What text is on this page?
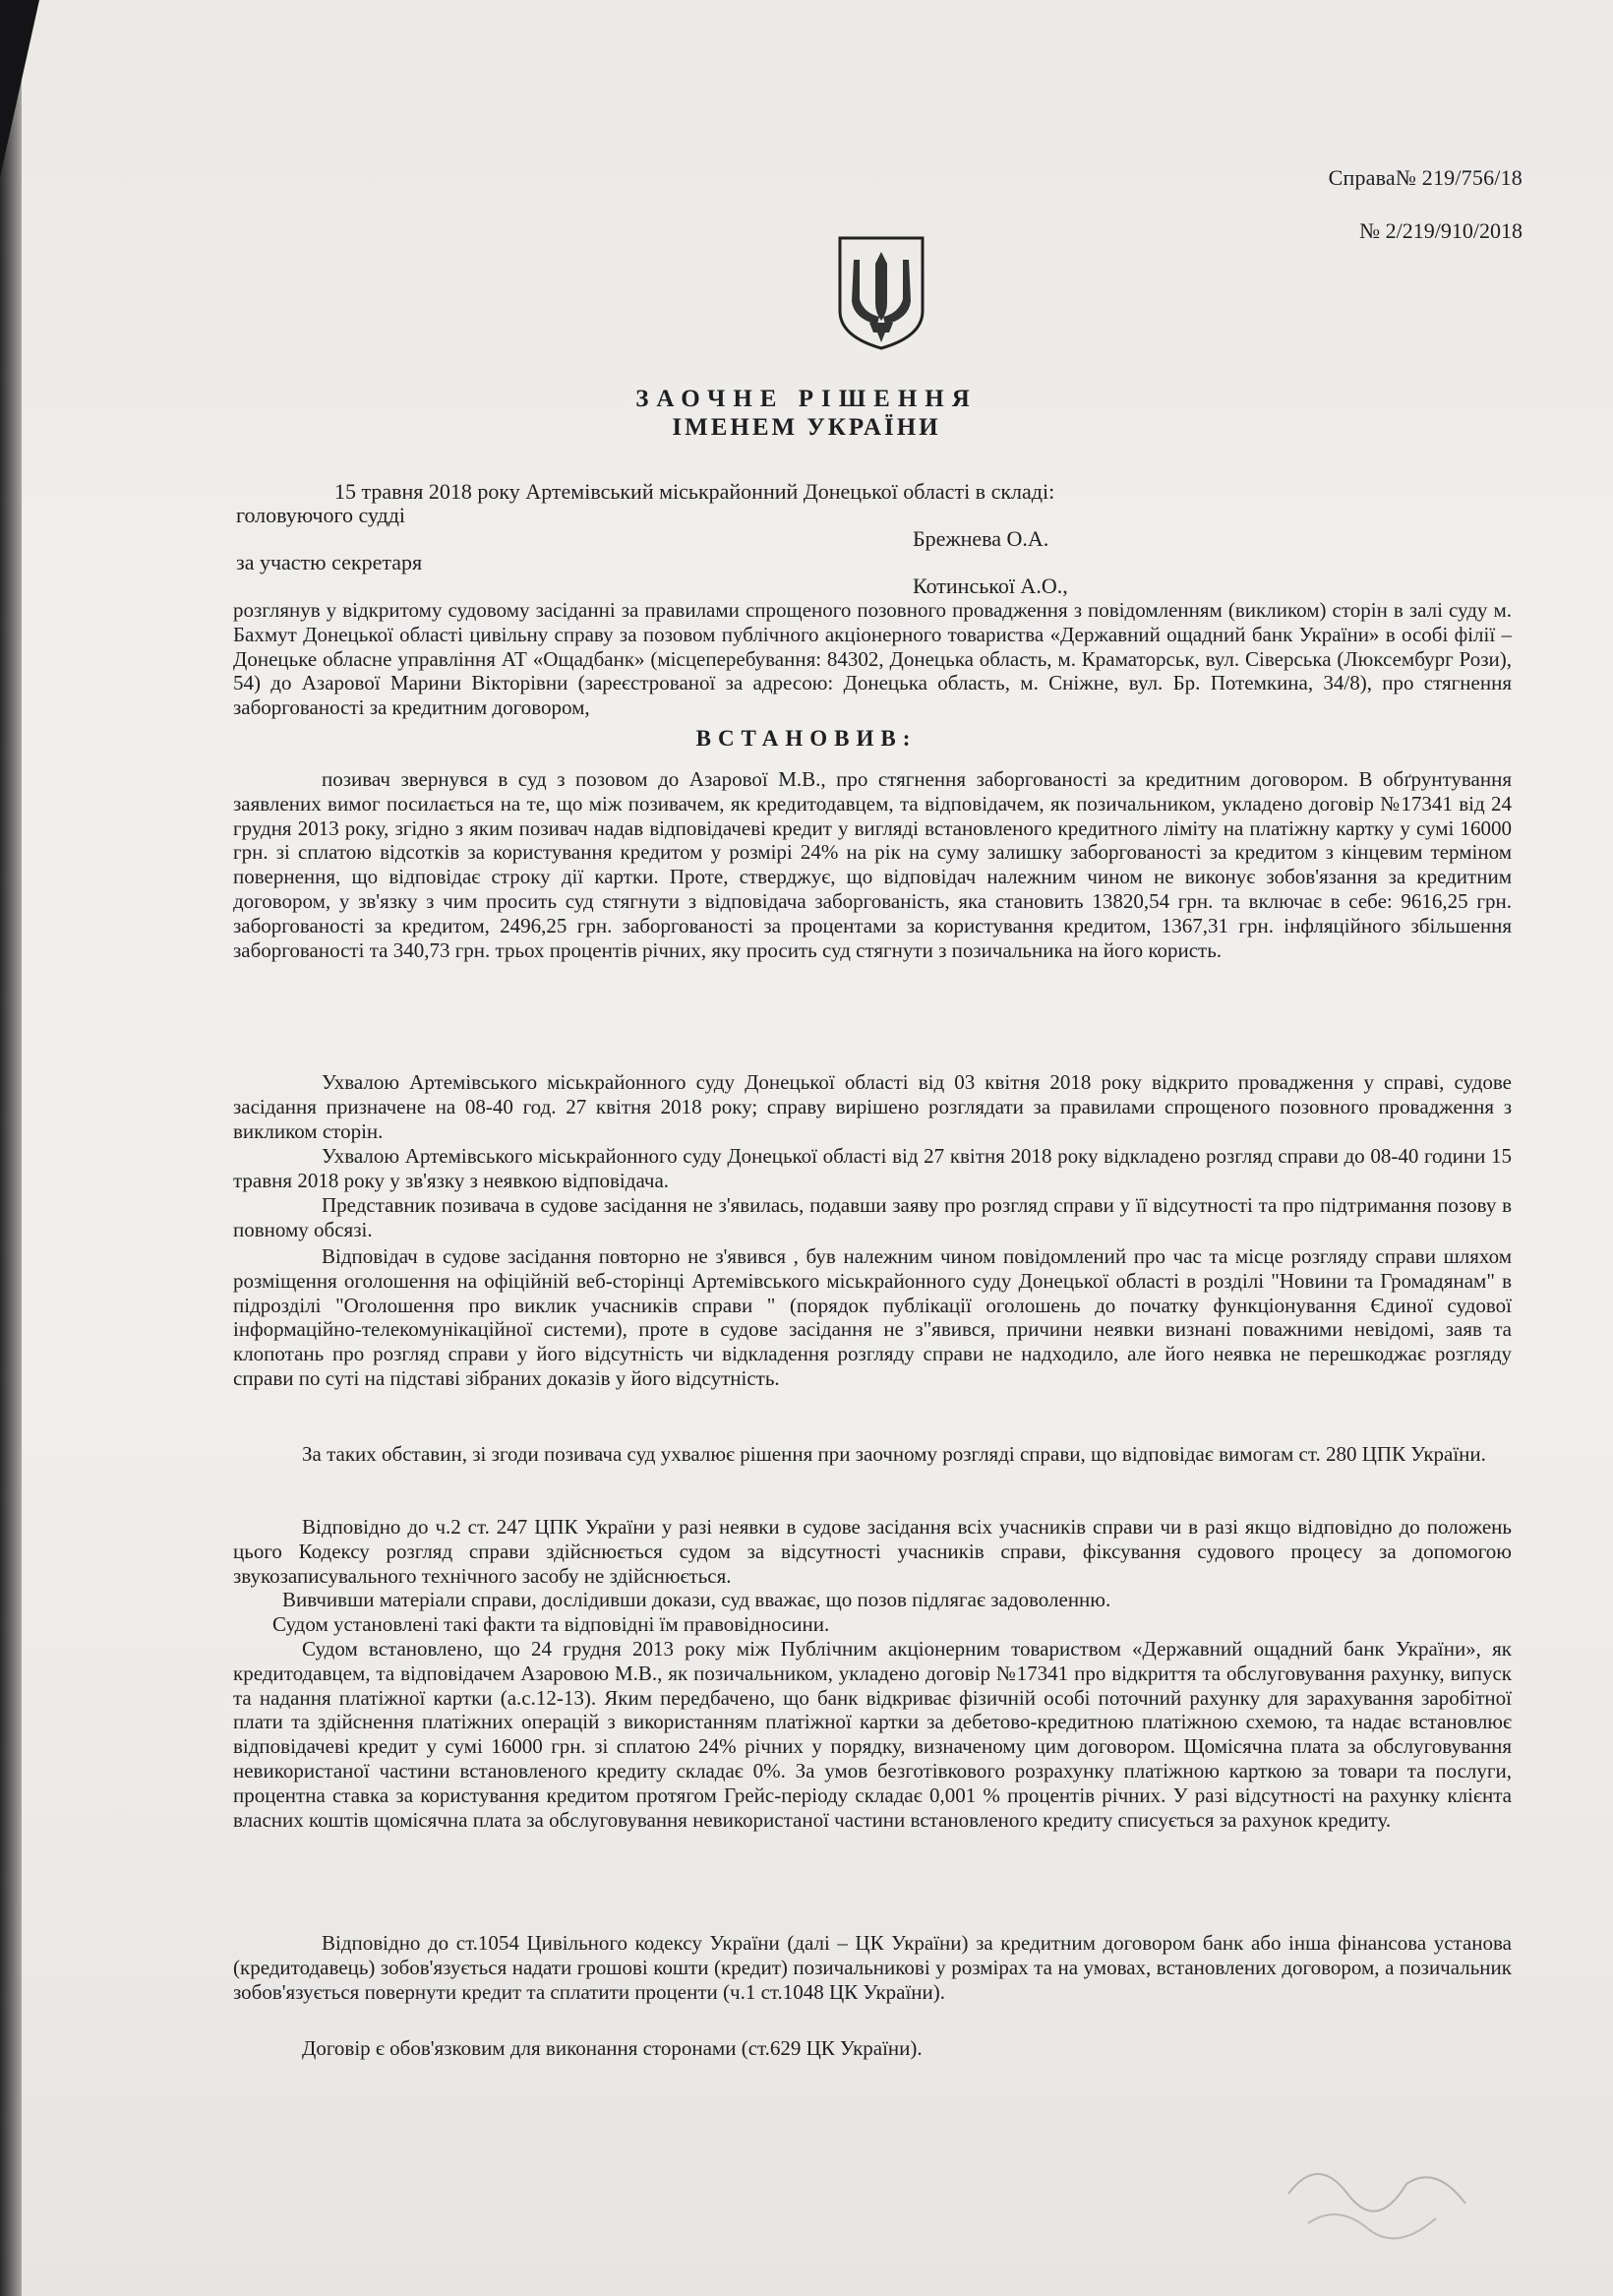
Справа№ 219/756/18
№ 2/219/910/2018
ЗАОЧНЕ РІШЕННЯ
ІМЕНЕМ УКРАЇНИ
15 травня 2018 року Артемівський міськрайонний Донецької області в складі:
головуючого судді
Брежнева О.А.
за участю секретаря
Котинської А.О.,
розглянув у відкритому судовому засіданні за правилами спрощеного позовного провадження з повідомленням (викликом) сторін в залі суду м. Бахмут Донецької області цивільну справу за позовом публічного акціонерного товариства «Державний ощадний банк України» в особі філії – Донецьке обласне управління АТ «Ощадбанк» (місцеперебування: 84302, Донецька область, м. Краматорськ, вул. Сіверська (Люксембург Рози), 54) до Азарової Марини Вікторівни (зареєстрованої за адресою: Донецька область, м. Сніжне, вул. Бр. Потемкина, 34/8), про стягнення заборгованості за кредитним договором,
ВСТАНОВИВ:
позивач звернувся в суд з позовом до Азарової М.В., про стягнення заборгованості за кредитним договором. В обґрунтування заявлених вимог посилається на те, що між позивачем, як кредитодавцем, та відповідачем, як позичальником, укладено договір №17341 від 24 грудня 2013 року, згідно з яким позивач надав відповідачеві кредит у вигляді встановленого кредитного ліміту на платіжну картку у сумі 16000 грн. зі сплатою відсотків за користування кредитом у розмірі 24% на рік на суму залишку заборгованості за кредитом з кінцевим терміном повернення, що відповідає строку дії картки. Проте, стверджує, що відповідач належним чином не виконує зобов'язання за кредитним договором, у зв'язку з чим просить суд стягнути з відповідача заборгованість, яка становить 13820,54 грн. та включає в себе: 9616,25 грн. заборгованості за кредитом, 2496,25 грн. заборгованості за процентами за користування кредитом, 1367,31 грн. інфляційного збільшення заборгованості та 340,73 грн. трьох процентів річних, яку просить суд стягнути з позичальника на його користь.
Ухвалою Артемівського міськрайонного суду Донецької області від 03 квітня 2018 року відкрито провадження у справі, судове засідання призначене на 08-40 год. 27 квітня 2018 року; справу вирішено розглядати за правилами спрощеного позовного провадження з викликом сторін.
Ухвалою Артемівського міськрайонного суду Донецької області від 27 квітня 2018 року відкладено розгляд справи до 08-40 години 15 травня 2018 року у зв'язку з неявкою відповідача.
Представник позивача в судове засідання не з'явилась, подавши заяву про розгляд справи у її відсутності та про підтримання позову в повному обсязі.
Відповідач в судове засідання повторно не з'явився , був належним чином повідомлений про час та місце розгляду справи шляхом розміщення оголошення на офіційній веб-сторінці Артемівського міськрайонного суду Донецької області в розділі "Новини та Громадянам" в підрозділі "Оголошення про виклик учасників справи " (порядок публікації оголошень до початку функціонування Єдиної судової інформаційно-телекомунікаційної системи), проте в судове засідання не з"явився, причини неявки визнані поважними невідомі, заяв та клопотань про розгляд справи у його відсутність чи відкладення розгляду справи не надходило, але його неявка не перешкоджає розгляду справи по суті на підставі зібраних доказів у його відсутність.
За таких обставин, зі згоди позивача суд ухвалює рішення при заочному розгляді справи, що відповідає вимогам ст. 280 ЦПК України.
Відповідно до ч.2 ст. 247 ЦПК України у разі неявки в судове засідання всіх учасників справи чи в разі якщо відповідно до положень цього Кодексу розгляд справи здійснюється судом за відсутності учасників справи, фіксування судового процесу за допомогою звукозаписувального технічного засобу не здійснюється.
Вивчивши матеріали справи, дослідивши докази, суд вважає, що позов підлягає задоволенню.
Судом установлені такі факти та відповідні їм правовідносини.
Судом встановлено, що 24 грудня 2013 року між Публічним акціонерним товариством «Державний ощадний банк України», як кредитодавцем, та відповідачем Азаровою М.В., як позичальником, укладено договір №17341 про відкриття та обслуговування рахунку, випуск та надання платіжної картки (а.с.12-13). Яким передбачено, що банк відкриває фізичній особі поточний рахунку для зарахування заробітної плати та здійснення платіжних операцій з використанням платіжної картки за дебетово-кредитною платіжною схемою, та надає встановлює відповідачеві кредит у сумі 16000 грн. зі сплатою 24% річних у порядку, визначеному цим договором. Щомісячна плата за обслуговування невикористаної частини встановленого кредиту складає 0%. За умов безготівкового розрахунку платіжною карткою за товари та послуги, процентна ставка за користування кредитом протягом Грейс-періоду складає 0,001 % процентів річних. У разі відсутності на рахунку клієнта власних коштів щомісячна плата за обслуговування невикористаної частини встановленого кредиту списується за рахунок кредиту.
Відповідно до ст.1054 Цивільного кодексу України (далі – ЦК України) за кредитним договором банк або інша фінансова установа (кредитодавець) зобов'язується надати грошові кошти (кредит) позичальникові у розмірах та на умовах, встановлених договором, а позичальник зобов'язується повернути кредит та сплатити проценти (ч.1 ст.1048 ЦК України).
Договір є обов'язковим для виконання сторонами (ст.629 ЦК України).
